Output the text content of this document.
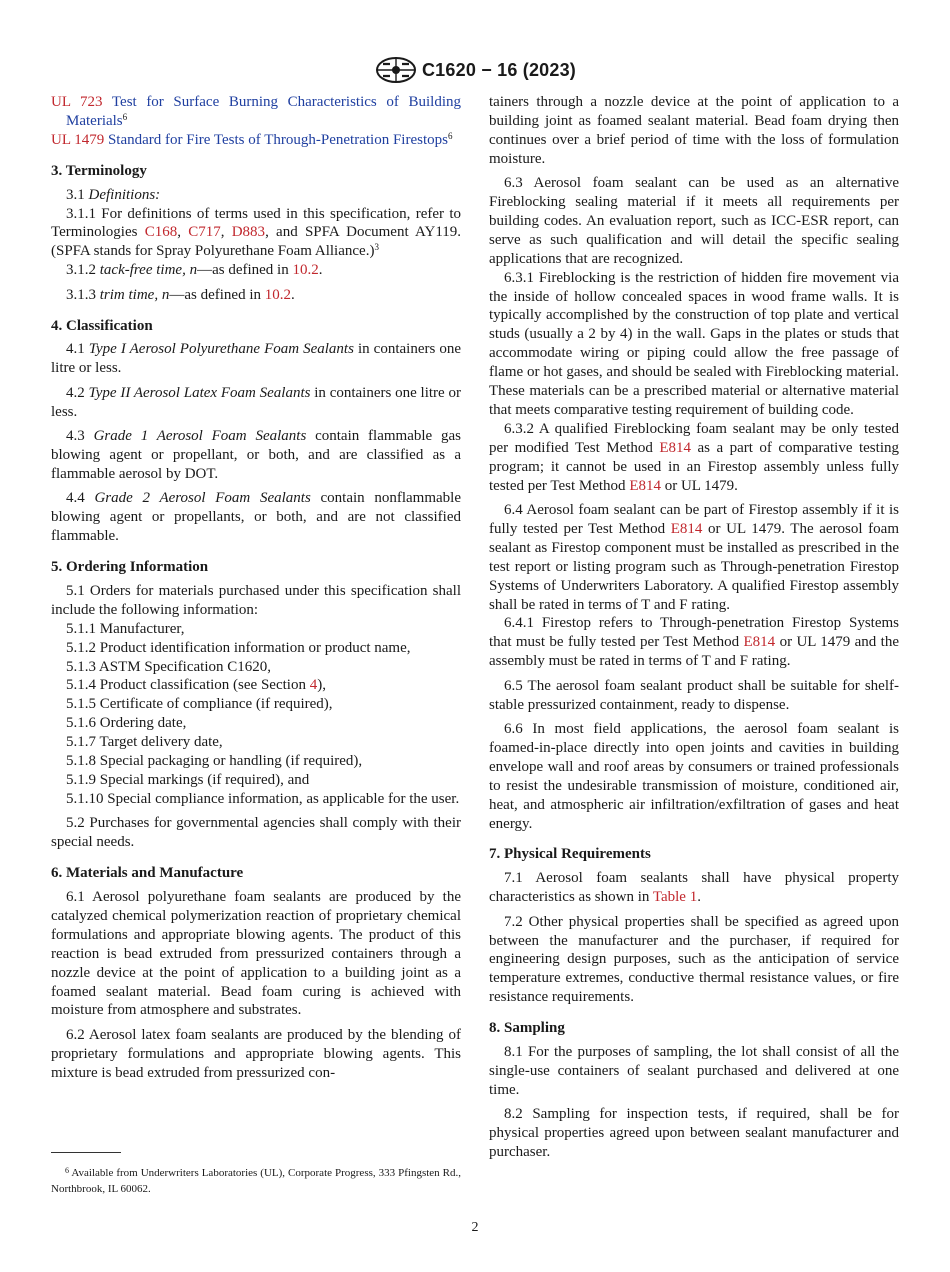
C1620 − 16 (2023)

UL 723 Test for Surface Burning Characteristics of Building Materials$^6$

UL 1479 Standard for Fire Tests of Through-Penetration Firestops$^6$

3. Terminology

3.1 Definitions:

3.1.1 For definitions of terms used in this specification, refer to Terminologies C168, C717, D883, and SPFA Document AY119. (SPFA stands for Spray Polyurethane Foam Alliance.)$^3$

3.1.2 tack-free time, n—as defined in 10.2.

3.1.3 trim time, n—as defined in 10.2.

4. Classification

4.1 Type I Aerosol Polyurethane Foam Sealants in containers one litre or less.

4.2 Type II Aerosol Latex Foam Sealants in containers one litre or less.

4.3 Grade 1 Aerosol Foam Sealants contain flammable gas blowing agent or propellant, or both, and are classified as a flammable aerosol by DOT.

4.4 Grade 2 Aerosol Foam Sealants contain nonflammable blowing agent or propellants, or both, and are not classified flammable.

5. Ordering Information

5.1 Orders for materials purchased under this specification shall include the following information:

5.1.1 Manufacturer,

5.1.2 Product identification information or product name,

5.1.3 ASTM Specification C1620,

5.1.4 Product classification (see Section 4),

5.1.5 Certificate of compliance (if required),

5.1.6 Ordering date,

5.1.7 Target delivery date,

5.1.8 Special packaging or handling (if required),

5.1.9 Special markings (if required), and

5.1.10 Special compliance information, as applicable for the user.

5.2 Purchases for governmental agencies shall comply with their special needs.

6. Materials and Manufacture

6.1 Aerosol polyurethane foam sealants are produced by the catalyzed chemical polymerization reaction of proprietary chemical formulations and appropriate blowing agents. The product of this reaction is bead extruded from pressurized containers through a nozzle device at the point of application to a building joint as a foamed sealant material. Bead foam curing is achieved with moisture from atmosphere and substrates.

6.2 Aerosol latex foam sealants are produced by the blending of proprietary formulations and appropriate blowing agents. This mixture is bead extruded from pressurized con-

tainers through a nozzle device at the point of application to a building joint as foamed sealant material. Bead foam drying then continues over a brief period of time with the loss of formulation moisture.

6.3 Aerosol foam sealant can be used as an alternative Fireblocking sealing material if it meets all requirements per building codes. An evaluation report, such as ICC-ESR report, can serve as such qualification and will detail the specific sealing applications that are recognized.

6.3.1 Fireblocking is the restriction of hidden fire movement via the inside of hollow concealed spaces in wood frame walls. It is typically accomplished by the construction of top plate and vertical studs (usually a 2 by 4) in the wall. Gaps in the plates or studs that accommodate wiring or piping could allow the free passage of flame or hot gases, and should be sealed with Fireblocking material. These materials can be a prescribed material or alternative material that meets comparative testing requirement of building code.

6.3.2 A qualified Fireblocking foam sealant may be only tested per modified Test Method E814 as a part of comparative testing program; it cannot be used in an Firestop assembly unless fully tested per Test Method E814 or UL 1479.

6.4 Aerosol foam sealant can be part of Firestop assembly if it is fully tested per Test Method E814 or UL 1479. The aerosol foam sealant as Firestop component must be installed as prescribed in the test report or listing program such as Through-penetration Firestop Systems of Underwriters Laboratory. A qualified Firestop assembly shall be rated in terms of T and F rating.

6.4.1 Firestop refers to Through-penetration Firestop Systems that must be fully tested per Test Method E814 or UL 1479 and the assembly must be rated in terms of T and F rating.

6.5 The aerosol foam sealant product shall be suitable for shelf-stable pressurized containment, ready to dispense.

6.6 In most field applications, the aerosol foam sealant is foamed-in-place directly into open joints and cavities in building envelope wall and roof areas by consumers or trained professionals to resist the undesirable transmission of moisture, conditioned air, heat, and atmospheric air infiltration/exfiltration of gases and heat energy.

7. Physical Requirements

7.1 Aerosol foam sealants shall have physical property characteristics as shown in Table 1.

7.2 Other physical properties shall be specified as agreed upon between the manufacturer and the purchaser, if required for engineering design purposes, such as the anticipation of service temperature extremes, conductive thermal resistance values, or fire resistance requirements.

8. Sampling

8.1 For the purposes of sampling, the lot shall consist of all the single-use containers of sealant purchased and delivered at one time.

8.2 Sampling for inspection tests, if required, shall be for physical properties agreed upon between sealant manufacturer and purchaser.

$^6$ Available from Underwriters Laboratories (UL), Corporate Progress, 333 Pfingsten Rd., Northbrook, IL 60062.
2
